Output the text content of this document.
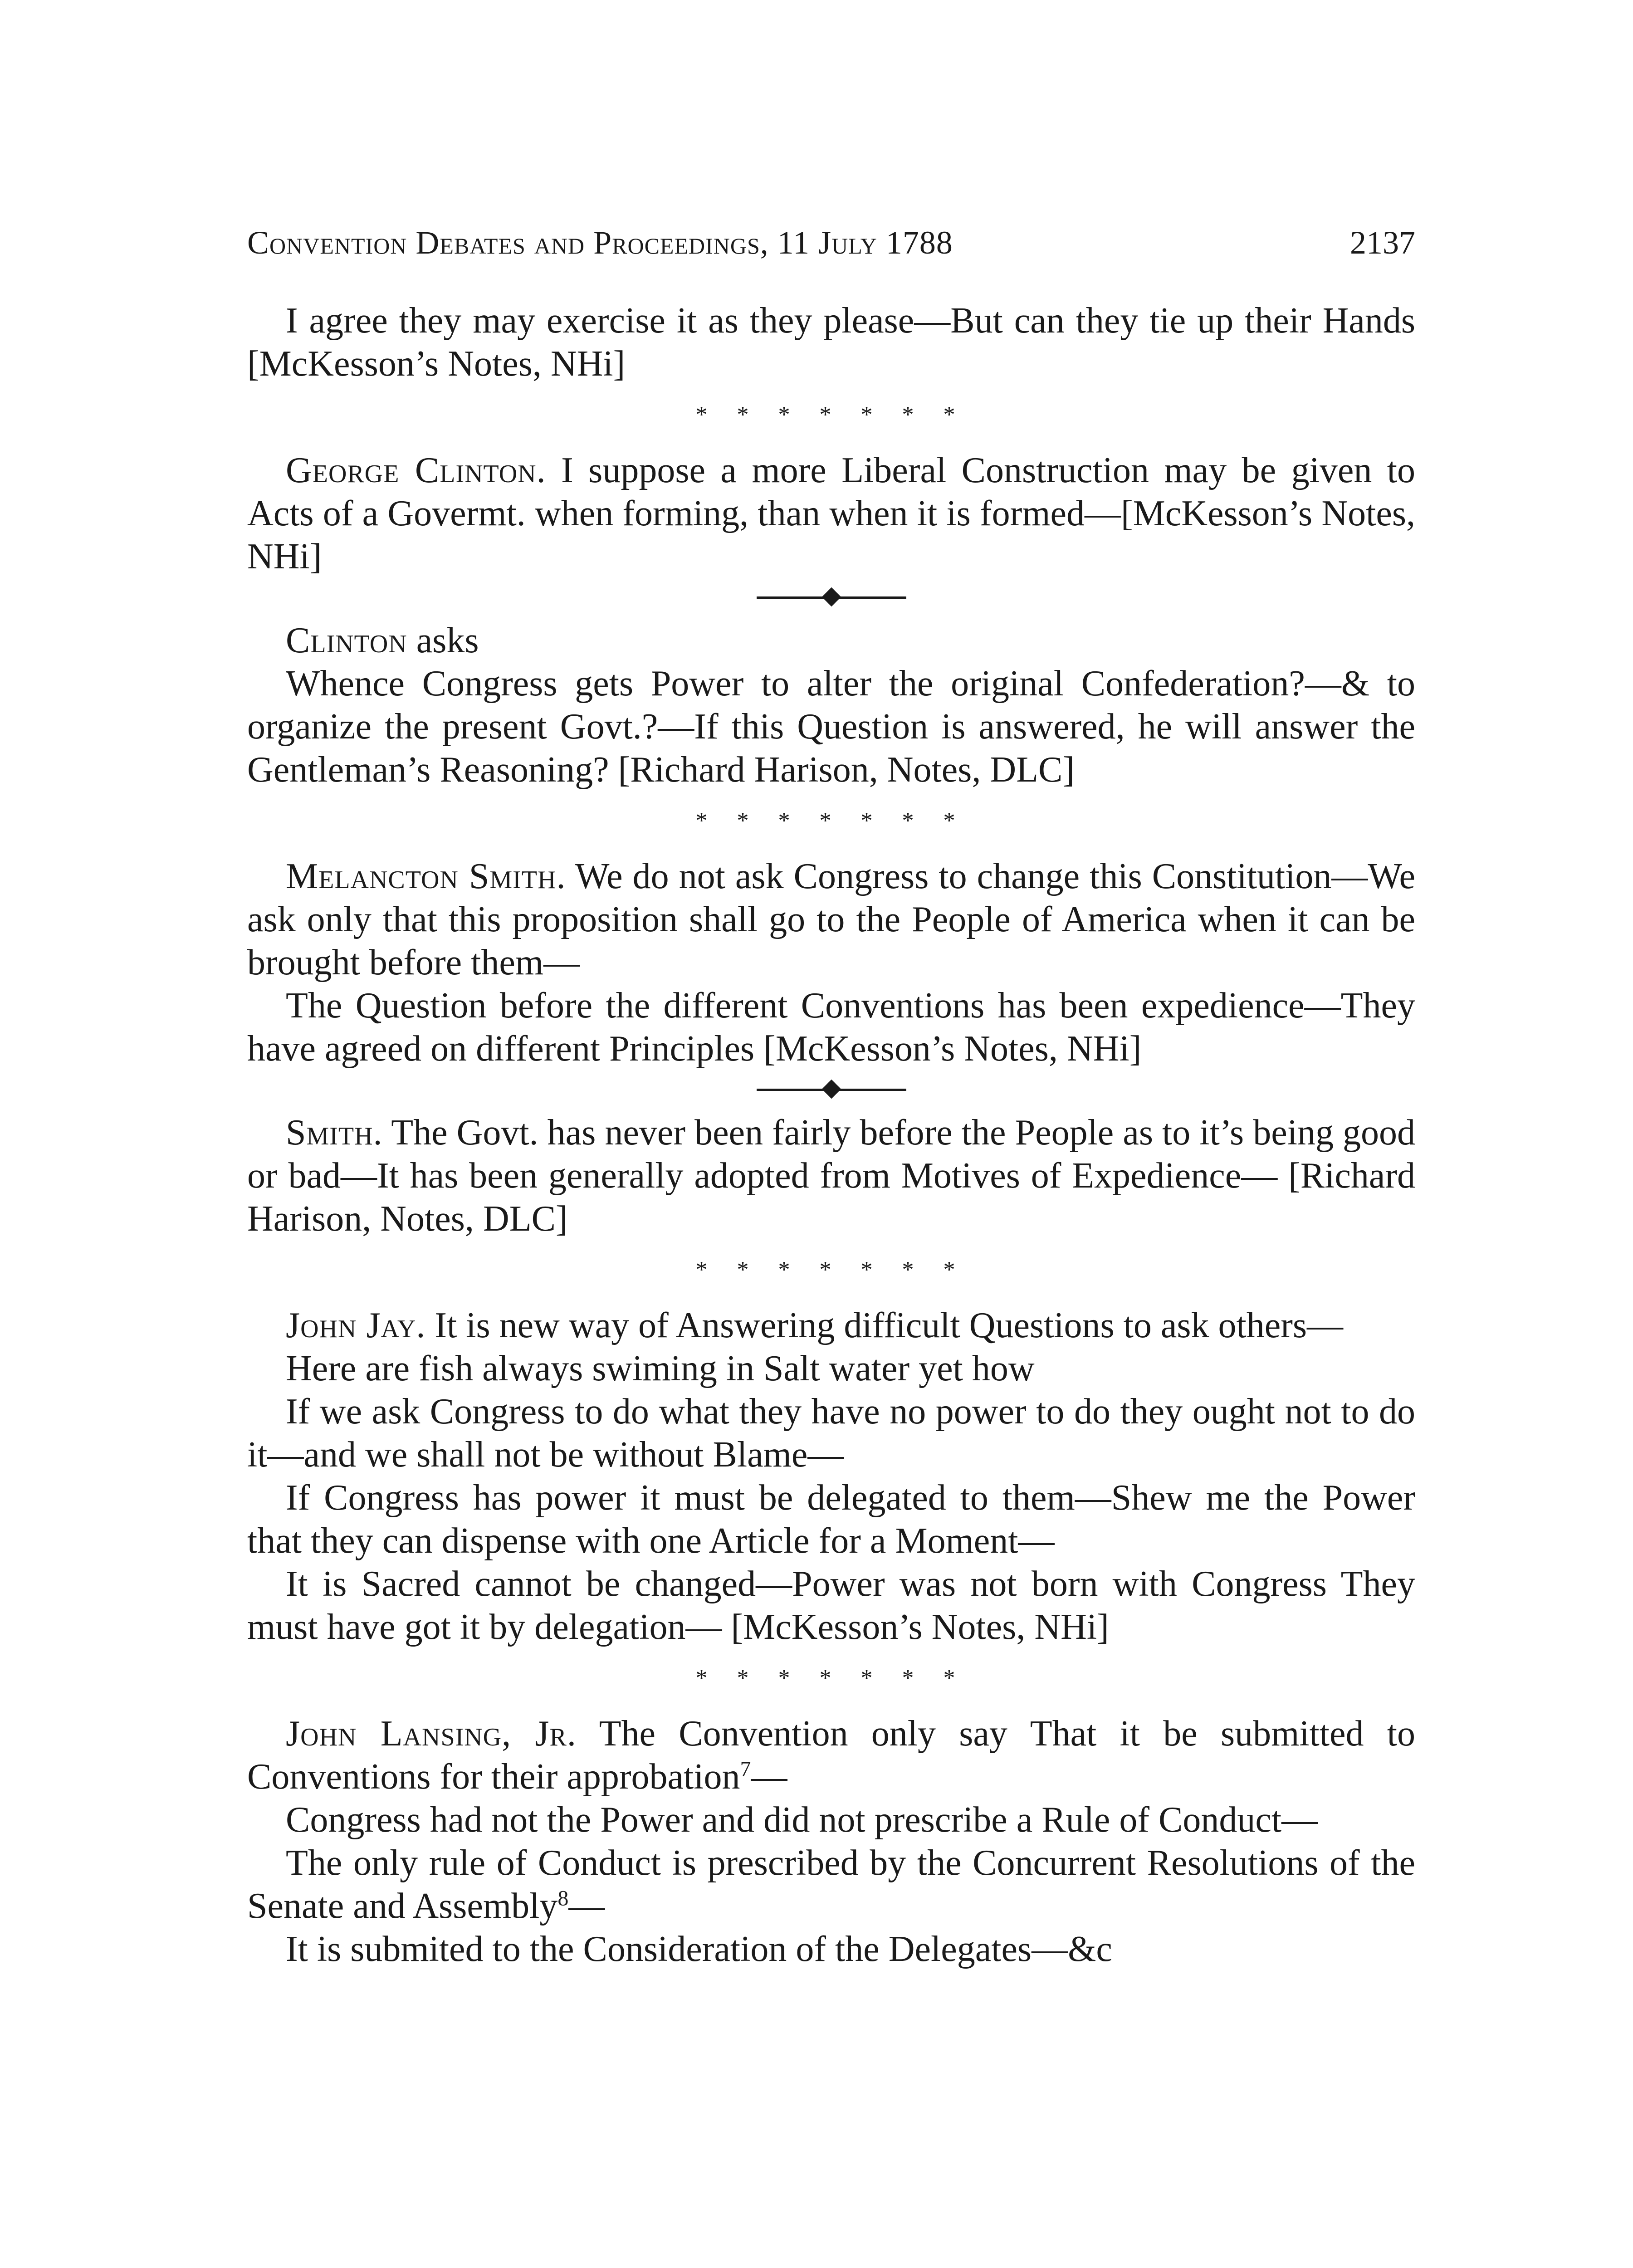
Convention Debates and Proceedings, 11 July 1788	2137

I agree they may exercise it as they please—But can they tie up their Hands [McKesson’s Notes, NHi]

* * * * * * *

George Clinton. I suppose a more Liberal Construction may be given to Acts of a Govermt. when forming, than when it is formed—[McKesson’s Notes, NHi]

Clinton asks

Whence Congress gets Power to alter the original Confederation?—& to organize the present Govt.?—If this Question is answered, he will answer the Gentleman’s Reasoning? [Richard Harison, Notes, DLC]

* * * * * * *

Melancton Smith. We do not ask Congress to change this Constitution—We ask only that this proposition shall go to the People of America when it can be brought before them—

The Question before the different Conventions has been expedience—They have agreed on different Principles [McKesson’s Notes, NHi]

Smith. The Govt. has never been fairly before the People as to it’s being good or bad—It has been generally adopted from Motives of Expedience— [Richard Harison, Notes, DLC]

* * * * * * *

John Jay. It is new way of Answering difficult Questions to ask others—

Here are fish always swiming in Salt water yet how

If we ask Congress to do what they have no power to do they ought not to do it—and we shall not be without Blame—

If Congress has power it must be delegated to them—Shew me the Power that they can dispense with one Article for a Moment—

It is Sacred cannot be changed—Power was not born with Congress They must have got it by delegation— [McKesson’s Notes, NHi]

* * * * * * *

John Lansing, Jr. The Convention only say That it be submitted to Conventions for their approbation$^7$—

Congress had not the Power and did not prescribe a Rule of Conduct—

The only rule of Conduct is prescribed by the Concurrent Resolutions of the Senate and Assembly$^8$—

It is submited to the Consideration of the Delegates—&c
